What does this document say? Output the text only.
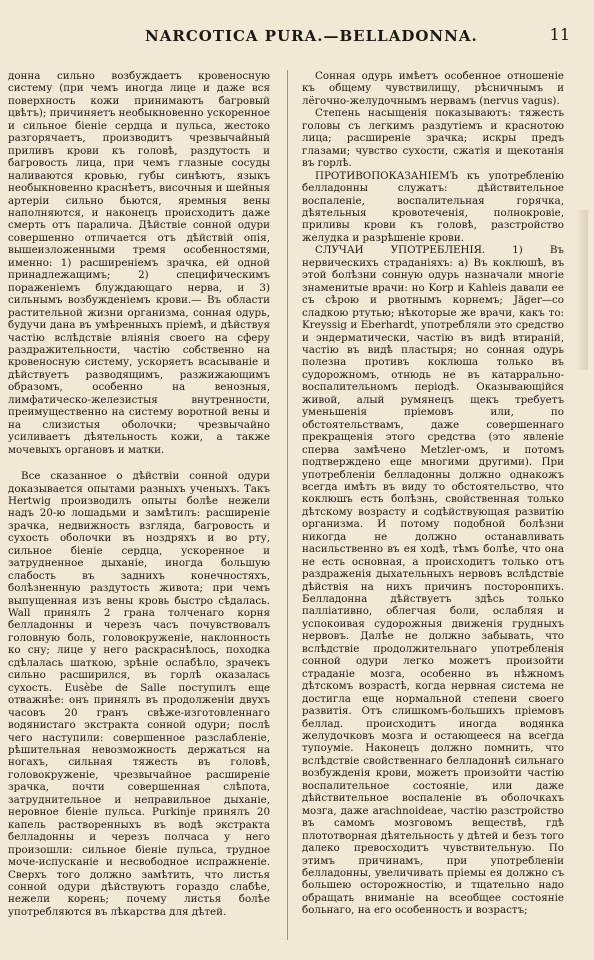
NARCOTICA PURA.—BELLADONNA.	11

донна сильно возбуждаетъ кровеносную систему (при чемъ иногда лице и даже вся поверхность кожи принимаютъ багровый цвѣтъ); причиняетъ необыкновенно ускоренное и сильное біеніе сердца и пульса, жестоко разгорячаетъ, производитъ чрезвычайный приливъ крови къ головѣ, раздутость и багровость лица, при чемъ глазные сосуды наливаются кровью, губы синѣютъ, языкъ необыкновенно краснѣетъ, височныя и шейныя артеріи сильно бьются, яремныя вены наполняются, и наконецъ происходитъ даже смерть отъ паралича. Дѣйствіе сонной одури совершенно отличается отъ дѣйствій опія, вышеизложенными тремя особенностями, именно: 1) расширеніемъ зрачка, ей одной принадлежащимъ; 2) специфическимъ пораженіемъ блуждающаго нерва, и 3) сильнымъ возбужденіемъ крови.— Въ области растительной жизни организма, сонная одурь, будучи дана въ умѣренныхъ пріемѣ, и дѣйствуя частію вслѣдствіе вліянія своего на сферу раздражительности, частію собственно на кровеносную систему, ускоряетъ всасываніе и дѣйствуетъ разводящимъ, разжижающимъ образомъ, особенно на венозныя, лимфатическо-железистыя внутренности, преимущественно на систему воротной вены и на слизистыя оболочки; чрезвычайно усиливаетъ дѣятельность кожи, а также мочевыхъ органовъ и матки.

Все сказанное о дѣйствіи сонной одури доказывается опытами разныхъ ученыхъ. Такъ Hertwig производилъ опыты болѣе нежели надъ 20-ю лошадьми и замѣтилъ: расширеніе зрачка, недвижность взгляда, багровость и сухость оболочки въ ноздряхъ и во рту, сильное біеніе сердца, ускоренное и затрудненное дыханіе, иногда большую слабость въ заднихъ конечностяхъ, болѣзненную раздутость живота; при чемъ выпущенная изъ вены кровь быстро сѣдалась. Wall принялъ 2 грана толченаго корня белладонны и черезъ часъ почувствовалъ головную боль, головокруженіе, наклонность ко сну; лице у него раскраснѣлось, походка сдѣлалась шаткою, зрѣніе ослабѣло, зрачекъ сильно расширился, въ горлѣ оказалась сухость. Eusèbe de Salle поступилъ еще отважнѣе: онъ принялъ въ продолженіи двухъ часовъ 20 гранъ свѣже-изготовленнаго водянистаго экстракта сонной одури; послѣ чего наступили: совершенное разслабленіе, рѣшительная невозможность держаться на ногахъ, сильная тяжесть въ головѣ, головокруженіе, чрезвычайное расширеніе зрачка, почти совершенная слѣпота, затруднительное и неправильное дыханіе, неровное біеніе пульса. Purkinje принялъ 20 капель растворенныхъ въ водѣ экстракта белладонны и черезъ полчаса у него произошли: сильное біеніе пульса, трудное моче-испусканіе и несвободное испражненіе. Сверхъ того должно замѣтить, что листья сонной одури дѣйствуютъ гораздо слабѣе, нежели корень; почему листья болѣе употребляются въ лѣкарства для дѣтей.

Сонная одурь имѣетъ особенное отношеніе къ общему чувствилищу, рѣсничнымъ и лёгочно-желудочнымъ нервамъ (nervus vagus).

Степень насыщенія показываютъ: тяжесть головы съ легкимъ раздутіемъ и краснотою лица; расширеніе зрачка; искры предъ глазами; чувство сухости, сжатія и щекотанія въ горлѣ.

ПРОТИВОПОКАЗАНІЕМЪ къ употребленію белладонны служатъ: дѣйствительное воспаленіе, воспалительная горячка, дѣятельныя кровотеченія, полнокровіе, приливы крови къ головѣ, разстройство желудка и разрѣшеніе крови.

СЛУЧАИ УПОТРЕБЛЕНІЯ. 1) Въ нервическихъ страданіяхъ: а) Въ коклюшѣ, въ этой болѣзни сонную одурь назначали многіе знаменитые врачи: но Korp и Kahleis давали ее съ сѣрою и рвотнымъ корнемъ; Jäger—со сладкою ртутью; нѣкоторые же врачи, какъ то: Kreyssig и Eberhardt, употребляли это средство и эндерматически, частію въ видѣ втираній, частію въ видѣ пластыря; но сонная одурь полезна противъ коклюша только въ судорожномъ, отнюдь не въ катаррально-воспалительномъ періодѣ. Оказывающійся живой, алый румянецъ щекъ требуетъ уменьшенія пріемовъ или, по обстоятельствамъ, даже совершеннаго прекращенія этого средства (это явленіе сперва замѣчено Metzler-омъ, и потомъ подтверждено еще многими другими). При употребленіи белладонны должно однакожъ всегда имѣть въ виду то обстоятельство, что коклюшъ есть болѣзнь, свойственная только дѣтскому возрасту и содѣйствующая развитію организма. И потому подобной болѣзни никогда не должно останавливать насильственно въ ея ходѣ, тѣмъ болѣе, что она не есть основная, а происходитъ только отъ раздраженія дыхательныхъ нервовъ вслѣдствіе дѣйствія на нихъ причинъ посторонпихъ. Белладонна дѣйствуетъ здѣсь только палліативно, облегчая боли, ослабляя и успокоивая судорожныя движенія грудныхъ нервовъ. Далѣе не должно забывать, что вслѣдствіе продолжительнаго употребленія сонной одури легко можетъ произойти страданіе мозга, особенно въ нѣжномъ дѣтскомъ возрастѣ, когда нервная система не достигла еще нормальной степени своего развитія. Отъ слишкомъ-большихъ пріемовъ беллад. происходитъ иногда водянка желудочковъ мозга и остающееся на всегда тупоуміе. Наконецъ должно помнить, что вслѣдствіе свойственнаго белладоннѣ сильнаго возбужденія крови, можетъ произойти частію воспалительное состояніе, или даже дѣйствительное воспаленіе въ оболочкахъ мозга, даже arachnoideae, частію разстройство въ самомъ мозговомъ веществѣ, гдѣ плототворная дѣятельность у дѣтей и безъ того далеко превосходитъ чувствительную. По этимъ причинамъ, при употребленіи белладонны, увеличивать пріемы ея должно съ большею осторожностію, и тщательно надо обращать вниманіе на всеобщее состояніе больнаго, на его особенность и возрастъ;
